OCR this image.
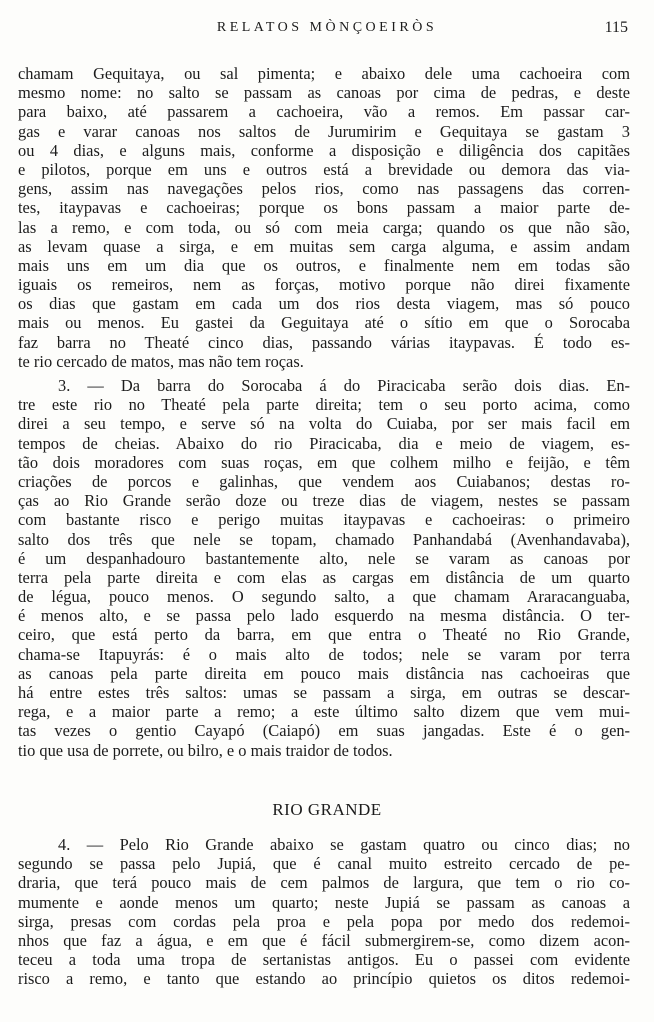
RELATOS MÒNÇOEIRÒS	115

chamam Gequitaya, ou sal pimenta; e abaixo dele uma cachoeira com
mesmo nome: no salto se passam as canoas por cima de pedras, e deste
para baixo, até passarem a cachoeira, vão a remos. Em passar car-
gas e varar canoas nos saltos de Jurumirim e Gequitaya se gastam 3
ou 4 dias, e alguns mais, conforme a disposição e diligência dos capitães
e pilotos, porque em uns e outros está a brevidade ou demora das via-
gens, assim nas navegações pelos rios, como nas passagens das corren-
tes, itaypavas e cachoeiras; porque os bons passam a maior parte de-
las a remo, e com toda, ou só com meia carga; quando os que não são,
as levam quase a sirga, e em muitas sem carga alguma, e assim andam
mais uns em um dia que os outros, e finalmente nem em todas são
iguais os remeiros, nem as forças, motivo porque não direi fixamente
os dias que gastam em cada um dos rios desta viagem, mas só pouco
mais ou menos. Eu gastei da Geguitaya até o sítio em que o Sorocaba
faz barra no Theaté cinco dias, passando várias itaypavas. É todo es-
te rio cercado de matos, mas não tem roças.

3. — Da barra do Sorocaba á do Piracicaba serão dois dias. En-
tre este rio no Theaté pela parte direita; tem o seu porto acima, como
direi a seu tempo, e serve só na volta do Cuiaba, por ser mais facil em
tempos de cheias. Abaixo do rio Piracicaba, dia e meio de viagem, es-
tão dois moradores com suas roças, em que colhem milho e feijão, e têm
criações de porcos e galinhas, que vendem aos Cuiabanos; destas ro-
ças ao Rio Grande serão doze ou treze dias de viagem, nestes se passam
com bastante risco e perigo muitas itaypavas e cachoeiras: o primeiro
salto dos três que nele se topam, chamado Panhandabá (Avenhandavaba),
é um despanhadouro bastantemente alto, nele se varam as canoas por
terra pela parte direita e com elas as cargas em distância de um quarto
de légua, pouco menos. O segundo salto, a que chamam Araracanguaba,
é menos alto, e se passa pelo lado esquerdo na mesma distância. O ter-
ceiro, que está perto da barra, em que entra o Theaté no Rio Grande,
chama-se Itapuyrás: é o mais alto de todos; nele se varam por terra
as canoas pela parte direita em pouco mais distância nas cachoeiras que
há entre estes três saltos: umas se passam a sirga, em outras se descar-
rega, e a maior parte a remo; a este último salto dizem que vem mui-
tas vezes o gentio Cayapó (Caiapó) em suas jangadas. Este é o gen-
tio que usa de porrete, ou bilro, e o mais traidor de todos.

RIO GRANDE

4. — Pelo Rio Grande abaixo se gastam quatro ou cinco dias; no
segundo se passa pelo Jupiá, que é canal muito estreito cercado de pe-
draria, que terá pouco mais de cem palmos de largura, que tem o rio co-
mumente e aonde menos um quarto; neste Jupiá se passam as canoas a
sirga, presas com cordas pela proa e pela popa por medo dos redemoi-
nhos que faz a água, e em que é fácil submergirem-se, como dizem acon-
teceu a toda uma tropa de sertanistas antigos. Eu o passei com evidente
risco a remo, e tanto que estando ao princípio quietos os ditos redemoi-
